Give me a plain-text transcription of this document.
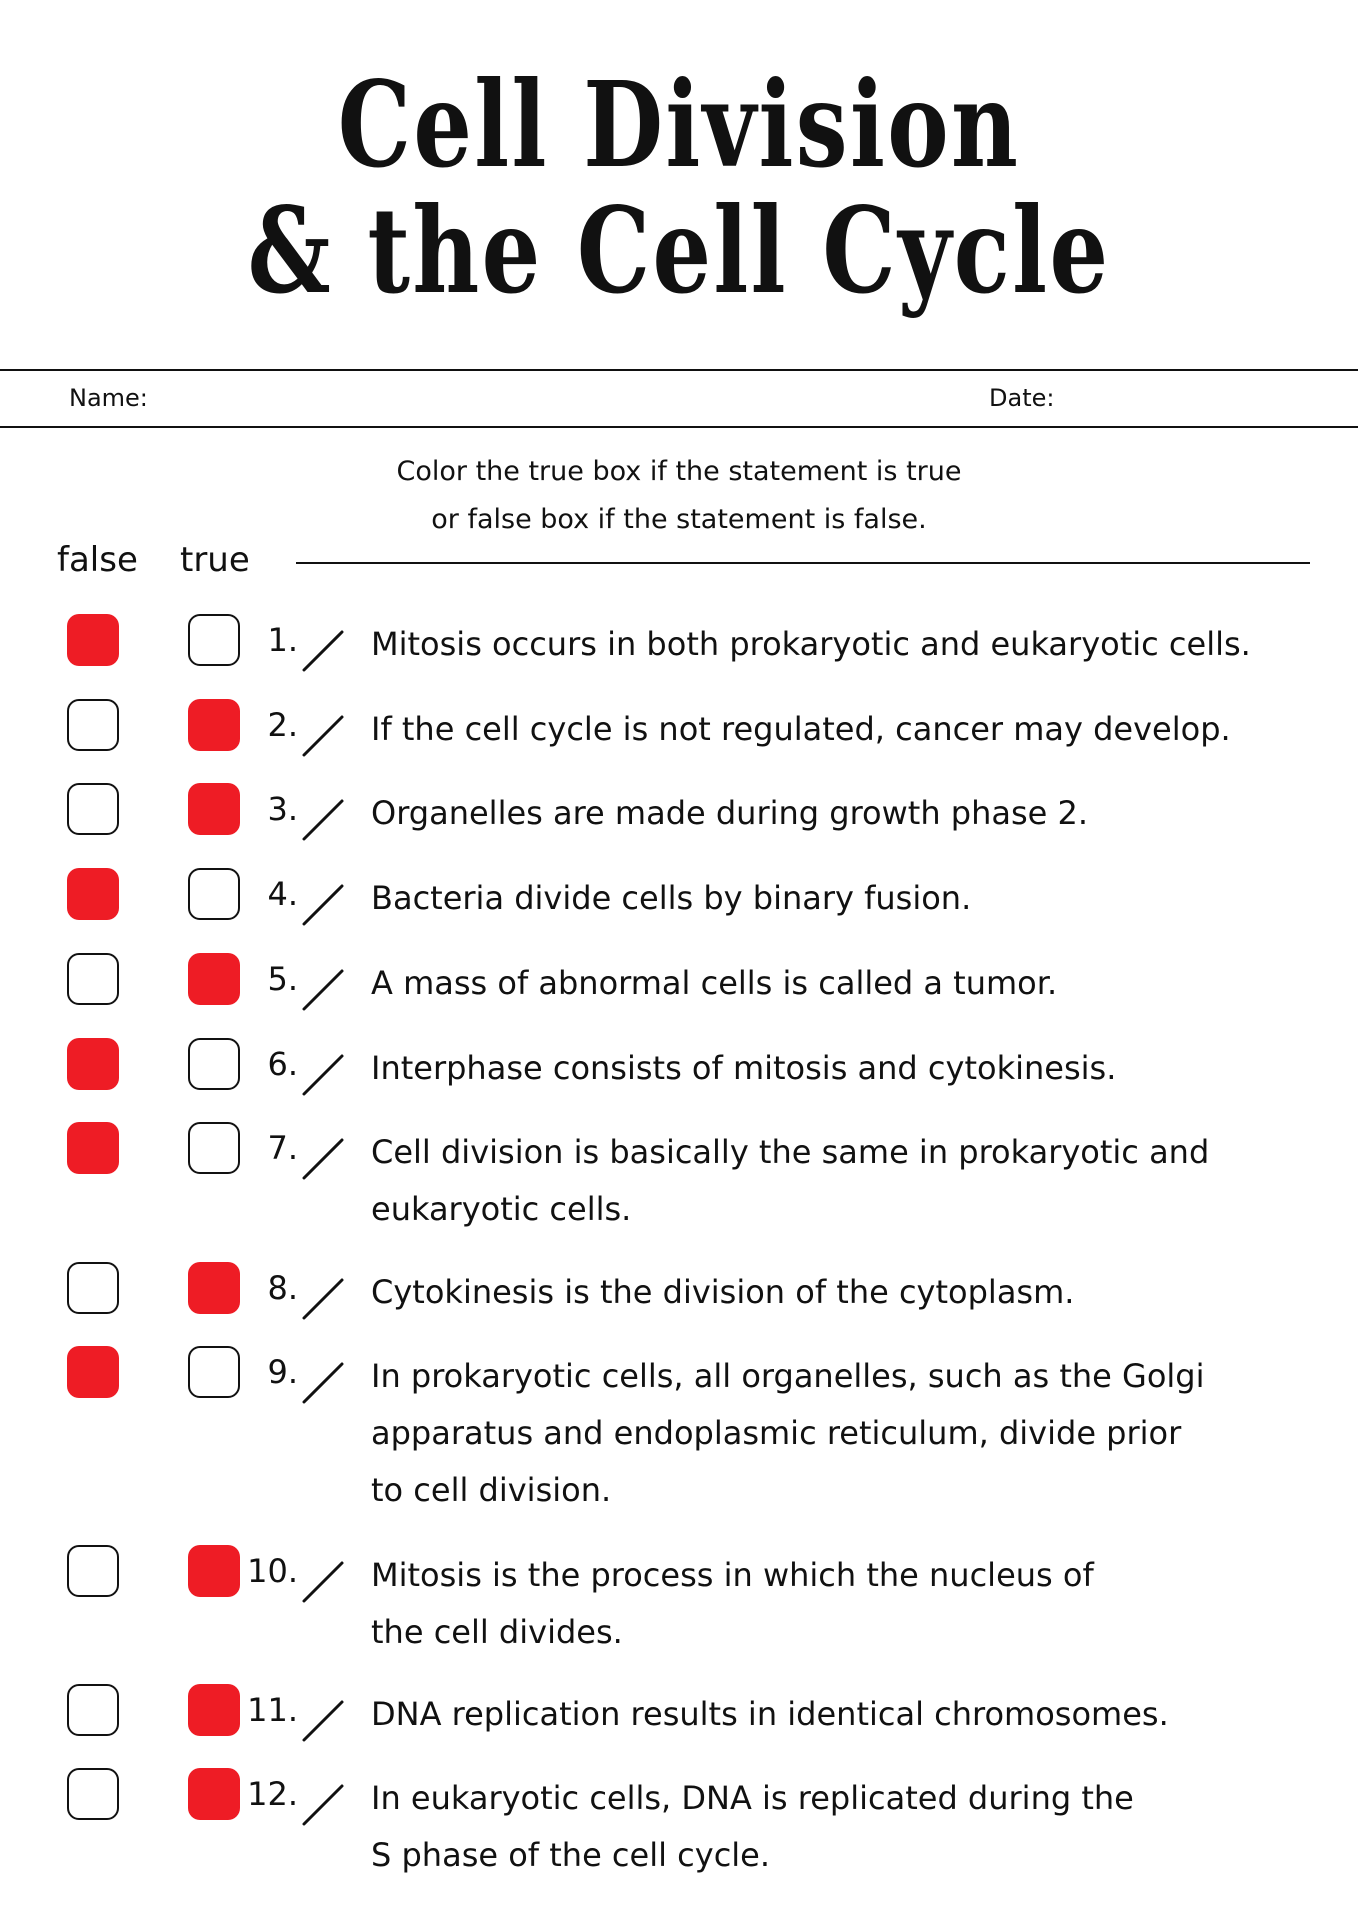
Cell Division
& the Cell Cycle
Name:	Date:
Color the true box if the statement is true
or false box if the statement is false.
false true
1. Mitosis occurs in both prokaryotic and eukaryotic cells.
2. If the cell cycle is not regulated, cancer may develop.
3. Organelles are made during growth phase 2.
4. Bacteria divide cells by binary fusion.
5. A mass of abnormal cells is called a tumor.
6. Interphase consists of mitosis and cytokinesis.
7. Cell division is basically the same in prokaryotic and
eukaryotic cells.
8. Cytokinesis is the division of the cytoplasm.
9. In prokaryotic cells, all organelles, such as the Golgi
apparatus and endoplasmic reticulum, divide prior
to cell division.
10. Mitosis is the process in which the nucleus of
the cell divides.
11. DNA replication results in identical chromosomes.
12. In eukaryotic cells, DNA is replicated during the
S phase of the cell cycle.
